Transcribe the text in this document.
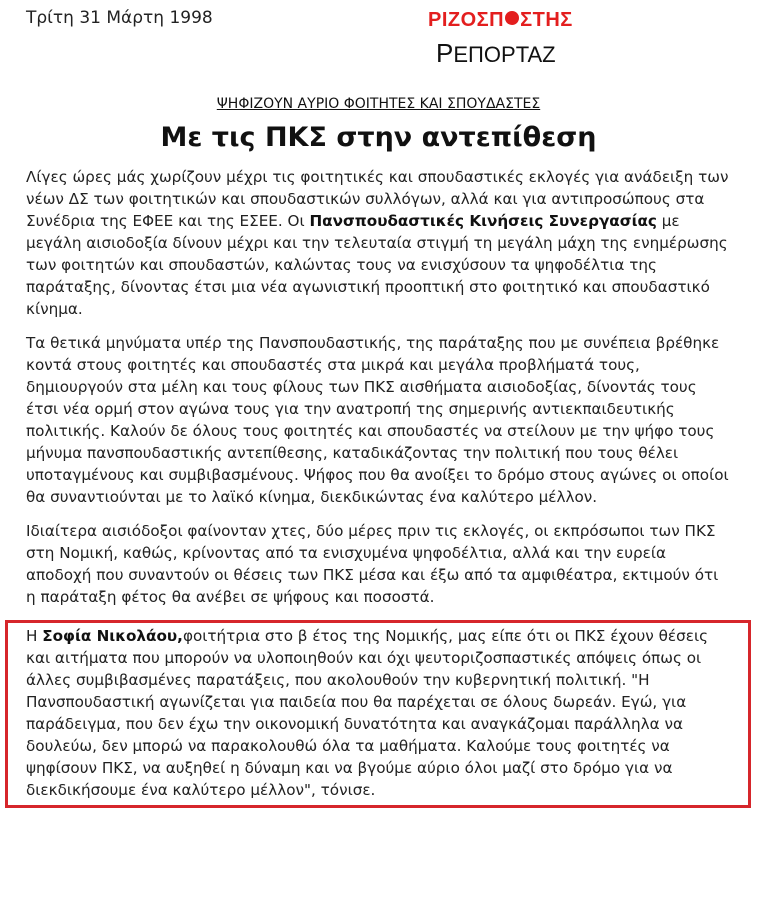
Τρίτη 31 Μάρτη 1998	ΡΙΖΟΣΠ ΣΤΗΣ
ΡΕΠΟΡΤΑΖ
ΨΗΦΙΖΟΥΝ ΑΥΡΙΟ ΦΟΙΤΗΤΕΣ ΚΑΙ ΣΠΟΥΔΑΣΤΕΣ
Με τις ΠΚΣ στην αντεπίθεση

Λίγες ώρες μάς χωρίζουν μέχρι τις φοιτητικές και σπουδαστικές εκλογές για ανάδειξη των νέων ΔΣ των φοιτητικών και σπουδαστικών συλλόγων, αλλά και για αντιπροσώπους στα Συνέδρια της ΕΦΕΕ και της ΕΣΕΕ. Οι Πανσπουδαστικές Κινήσεις Συνεργασίας με μεγάλη αισιοδοξία δίνουν μέχρι και την τελευταία στιγμή τη μεγάλη μάχη της ενημέρωσης των φοιτητών και σπουδαστών, καλώντας τους να ενισχύσουν τα ψηφοδέλτια της παράταξης, δίνοντας έτσι μια νέα αγωνιστική προοπτική στο φοιτητικό και σπουδαστικό κίνημα.

Τα θετικά μηνύματα υπέρ της Πανσπουδαστικής, της παράταξης που με συνέπεια βρέθηκε κοντά στους φοιτητές και σπουδαστές στα μικρά και μεγάλα προβλήματά τους, δημιουργούν στα μέλη και τους φίλους των ΠΚΣ αισθήματα αισιοδοξίας, δίνοντάς τους έτσι νέα ορμή στον αγώνα τους για την ανατροπή της σημερινής αντιεκπαιδευτικής πολιτικής. Καλούν δε όλους τους φοιτητές και σπουδαστές να στείλουν με την ψήφο τους μήνυμα πανσπουδαστικής αντεπίθεσης, καταδικάζοντας την πολιτική που τους θέλει υποταγμένους και συμβιβασμένους. Ψήφος που θα ανοίξει το δρόμο στους αγώνες οι οποίοι θα συναντιούνται με το λαϊκό κίνημα, διεκδικώντας ένα καλύτερο μέλλον.

Ιδιαίτερα αισιόδοξοι φαίνονταν χτες, δύο μέρες πριν τις εκλογές, οι εκπρόσωποι των ΠΚΣ στη Νομική, καθώς, κρίνοντας από τα ενισχυμένα ψηφοδέλτια, αλλά και την ευρεία αποδοχή που συναντούν οι θέσεις των ΠΚΣ μέσα και έξω από τα αμφιθέατρα, εκτιμούν ότι η παράταξη φέτος θα ανέβει σε ψήφους και ποσοστά.

Η Σοφία Νικολάου,φοιτήτρια στο β έτος της Νομικής, μας είπε ότι οι ΠΚΣ έχουν θέσεις και αιτήματα που μπορούν να υλοποιηθούν και όχι ψευτοριζοσπαστικές απόψεις όπως οι άλλες συμβιβασμένες παρατάξεις, που ακολουθούν την κυβερνητική πολιτική. "Η Πανσπουδαστική αγωνίζεται για παιδεία που θα παρέχεται σε όλους δωρεάν. Εγώ, για παράδειγμα, που δεν έχω την οικονομική δυνατότητα και αναγκάζομαι παράλληλα να δουλεύω, δεν μπορώ να παρακολουθώ όλα τα μαθήματα. Καλούμε τους φοιτητές να ψηφίσουν ΠΚΣ, να αυξηθεί η δύναμη και να βγούμε αύριο όλοι μαζί στο δρόμο για να διεκδικήσουμε ένα καλύτερο μέλλον", τόνισε.
